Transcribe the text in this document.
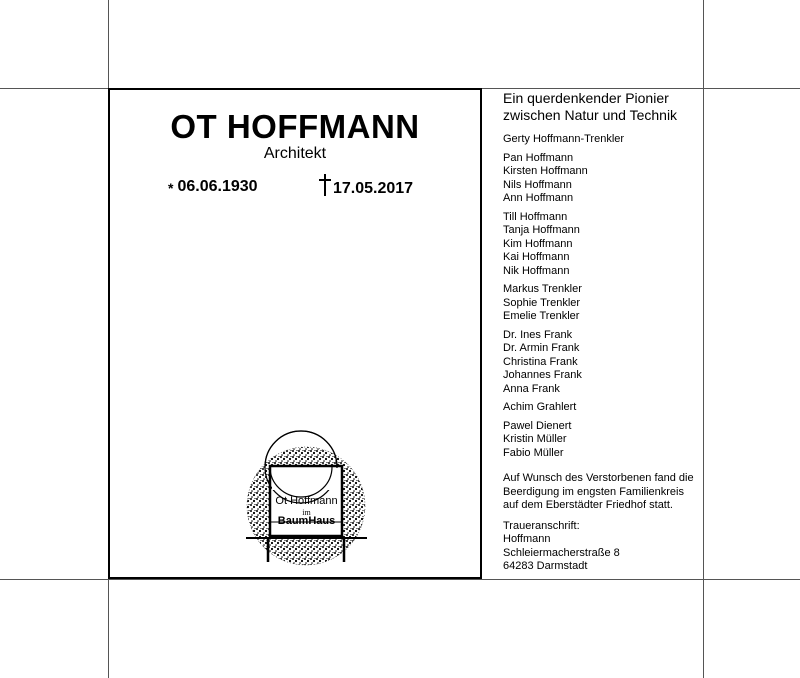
OT HOFFMANN
Architekt
* 06.06.1930	17.05.2017
Ot Hoffmann
im
BaumHaus
Ein querdenkender Pionier
zwischen Natur und Technik
Gerty Hoffmann-Trenkler
Pan Hoffmann
Kirsten Hoffmann
Nils Hoffmann
Ann Hoffmann
Till Hoffmann
Tanja Hoffmann
Kim Hoffmann
Kai Hoffmann
Nik Hoffmann
Markus Trenkler
Sophie Trenkler
Emelie Trenkler
Dr. Ines Frank
Dr. Armin Frank
Christina Frank
Johannes Frank
Anna Frank
Achim Grahlert
Pawel Dienert
Kristin Müller
Fabio Müller
Auf Wunsch des Verstorbenen fand die
Beerdigung im engsten Familienkreis
auf dem Eberstädter Friedhof statt.
Traueranschrift:
Hoffmann
Schleiermacherstraße 8
64283 Darmstadt
